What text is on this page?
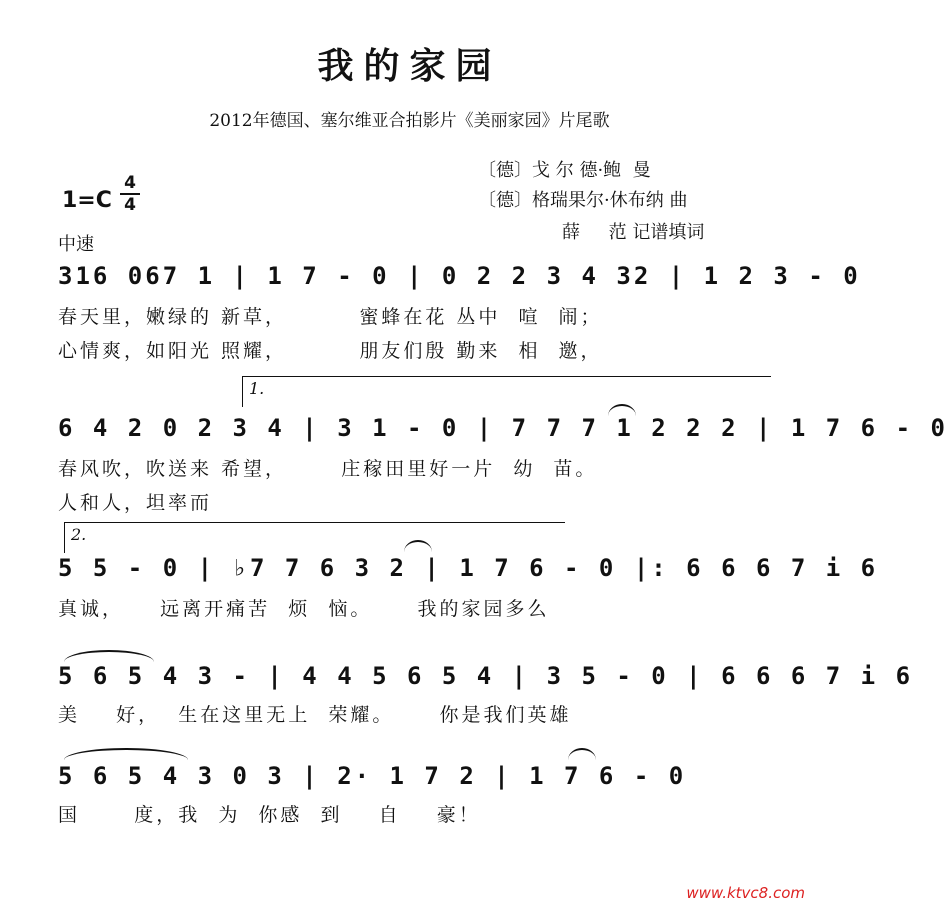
我的家园
2012年德国、塞尔维亚合拍影片《美丽家园》片尾歌
〔德〕戈 尔 德·鲍  曼
〔德〕格瑞果尔·休布纳 曲
薛     范 记谱填词
1=C
4
4
中速
316 067 1 | 1 7 - 0 | 0 2 2 3 4 32 | 1 2 3 - 0
春天里，嫩绿的 新草，        蜜蜂在花 丛中  喧  闹；
心情爽，如阳光 照耀，        朋友们殷 勤来  相  邀，
1.
6 4 2 0 2 3 4 | 3 1 - 0 | 7 7 7 1 2 2 2 | 1 7 6 - 0
春风吹，吹送来 希望，      庄稼田里好一片  幼  苗。
人和人，坦率而
2.
5 5 - 0 | ♭7 7 6 3 2 | 1 7 6 - 0 |: 6 6 6 7 i 6
真诚，    远离开痛苦  烦  恼。     我的家园多么
5 6 5 4 3 - | 4 4 5 6 5 4 | 3 5 - 0 | 6 6 6 7 i 6
美    好，  生在这里无上  荣耀。     你是我们英雄
5 6 5 4 3 0 3 | 2· 1 7 2 | 1 7 6 - 0
国      度，我  为  你感  到    自    豪！
www.ktvc8.com
